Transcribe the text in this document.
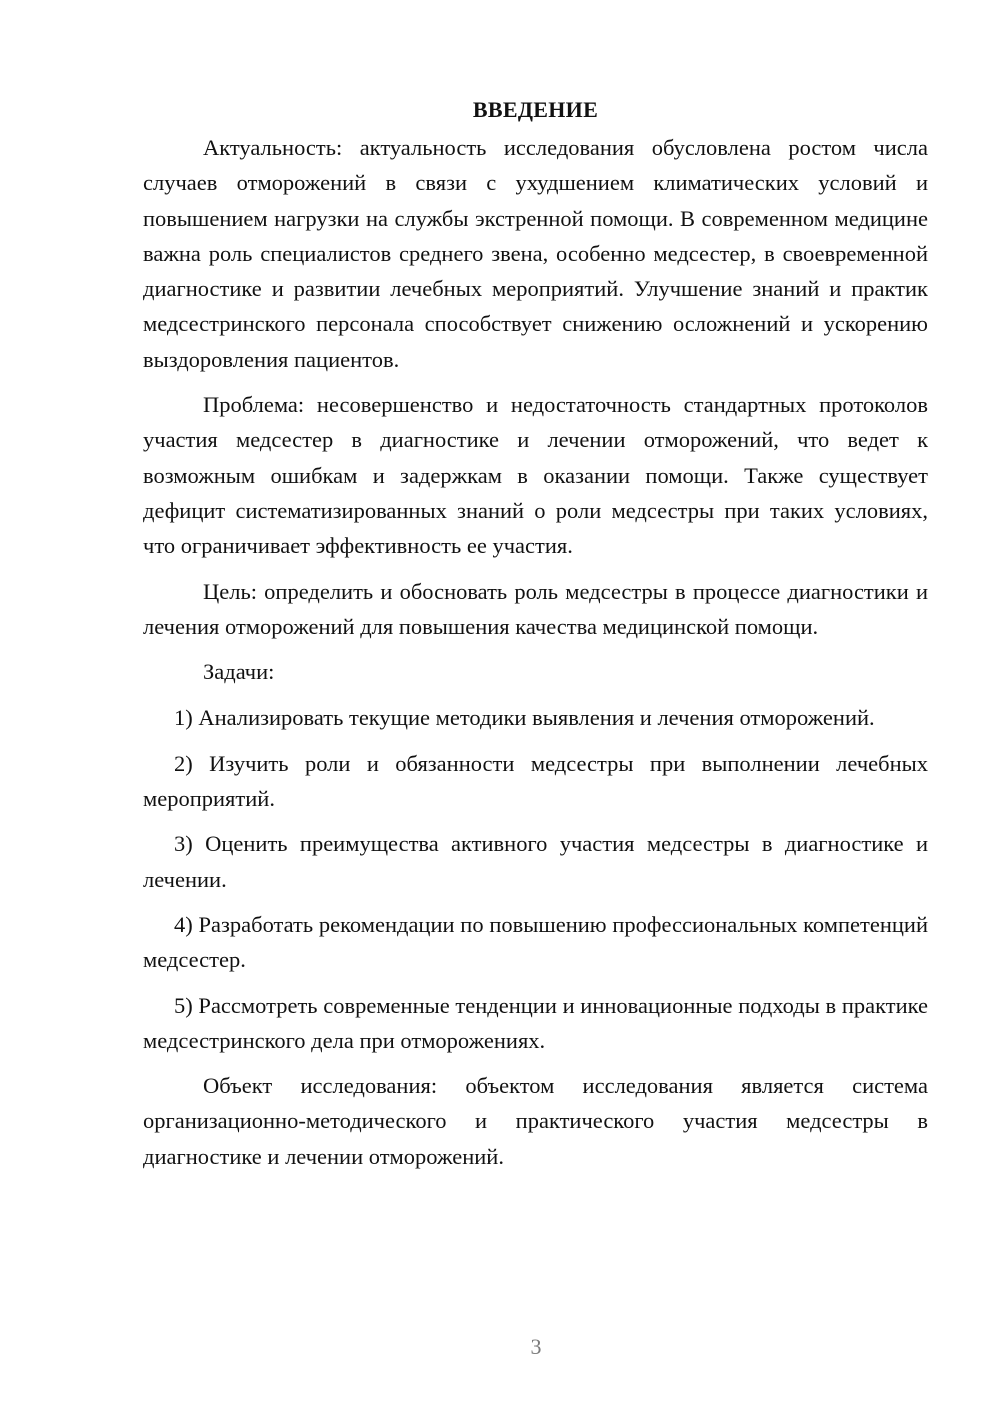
ВВЕДЕНИЕ

Актуальность: актуальность исследования обусловлена ростом числа случаев отморожений в связи с ухудшением климатических условий и повышением нагрузки на службы экстренной помощи. В современном медицине важна роль специалистов среднего звена, особенно медсестер, в своевременной диагностике и развитии лечебных мероприятий. Улучшение знаний и практик медсестринского персонала способствует снижению осложнений и ускорению выздоровления пациентов.

Проблема: несовершенство и недостаточность стандартных протоколов участия медсестер в диагностике и лечении отморожений, что ведет к возможным ошибкам и задержкам в оказании помощи. Также существует дефицит систематизированных знаний о роли медсестры при таких условиях, что ограничивает эффективность ее участия.

Цель: определить и обосновать роль медсестры в процессе диагностики и лечения отморожений для повышения качества медицинской помощи.

Задачи:

1) Анализировать текущие методики выявления и лечения отморожений.

2) Изучить роли и обязанности медсестры при выполнении лечебных мероприятий.

3) Оценить преимущества активного участия медсестры в диагностике и лечении.

4) Разработать рекомендации по повышению профессиональных компетенций медсестер.

5) Рассмотреть современные тенденции и инновационные подходы в практике медсестринского дела при отморожениях.

Объект исследования: объектом исследования является система организационно-методического и практического участия медсестры в диагностике и лечении отморожений.

3
